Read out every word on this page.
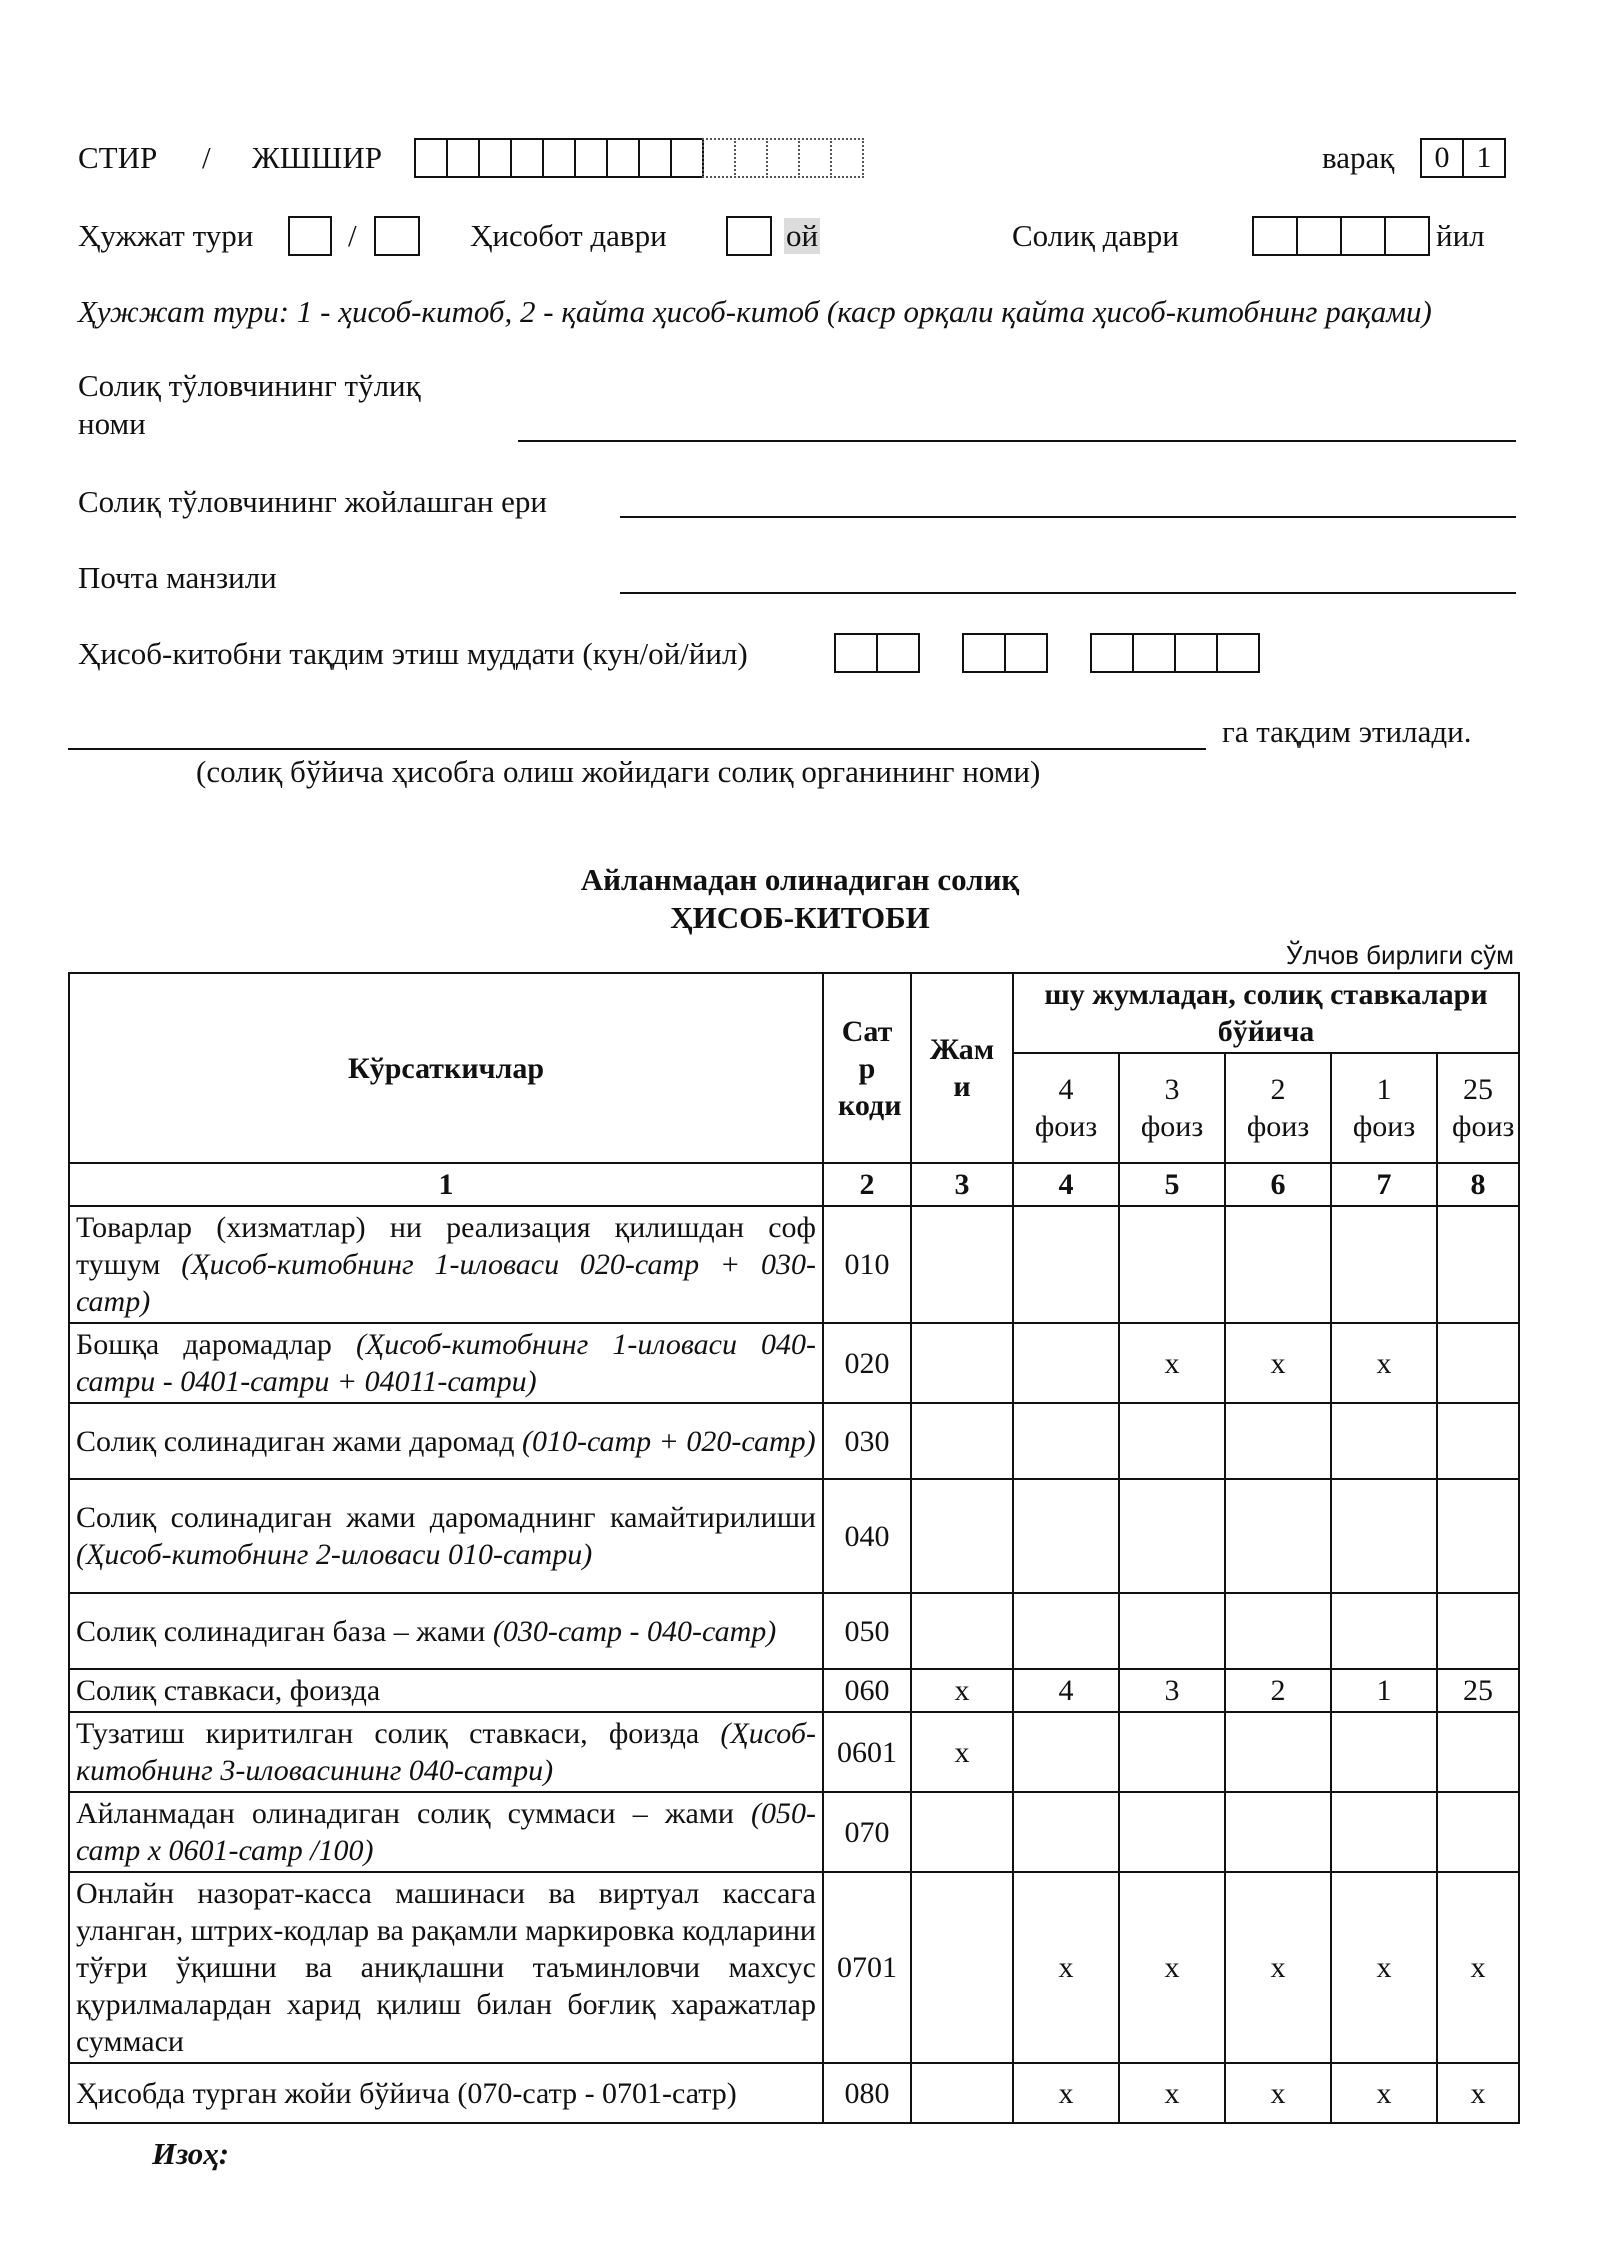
СТИР / ЖШШИР	варақ	0 1
Ҳужжат тури	/	Ҳисобот даври	ой	Солиқ даври	йил
Ҳужжат тури: 1 - ҳисоб-китоб, 2 - қайта ҳисоб-китоб (каср орқали қайта ҳисоб-китобнинг рақами)
Солиқ тўловчининг тўлиқ
номи
Солиқ тўловчининг жойлашган ери
Почта манзили
Ҳисоб-китобни тақдим этиш муддати (кун/ой/йил)
га тақдим этилади.
(солиқ бўйича ҳисобга олиш жойидаги солиқ органининг номи)
Айланмадан олинадиган солиқ
ҲИСОБ-КИТОБИ
Ўлчов бирлиги сўм
Кўрсаткичлар	Сат р коди	Жам и	шу жумладан, солиқ ставкалари бўйича				
			4 фоиз	3 фоиз	2 фоиз	1 фоиз	25 фоиз
1	2	3	4	5	6	7	8
Товарлар (хизматлар) ни реализация қилишдан соф тушум (Ҳисоб-китобнинг 1-иловаси 020-сатр + 030-сатр)	010						
Бошқа даромадлар (Ҳисоб-китобнинг 1-иловаси 040-сатри - 0401-сатри + 04011-сатри)	020			х	х	х	
Солиқ солинадиган жами даромад (010-сатр + 020-сатр)	030						
Солиқ солинадиган жами даромаднинг камайтирилиши (Ҳисоб-китобнинг 2-иловаси 010-сатри)	040						
Солиқ солинадиган база – жами (030-сатр - 040-сатр)	050						
Солиқ ставкаси, фоизда	060	х	4	3	2	1	25
Тузатиш киритилган солиқ ставкаси, фоизда (Ҳисоб-китобнинг 3-иловасининг 040-сатри)	0601	х					
Айланмадан олинадиган солиқ суммаси – жами (050-сатр х 0601-сатр /100)	070						
Онлайн назорат-касса машинаси ва виртуал кассага уланган, штрих-кодлар ва рақамли маркировка кодларини тўғри ўқишни ва аниқлашни таъминловчи махсус қурилмалардан харид қилиш билан боғлиқ харажатлар суммаси	0701		х	х	х	х	х
Ҳисобда турган жойи бўйича (070-сатр - 0701-сатр)	080		х	х	х	х	х
Изоҳ:
